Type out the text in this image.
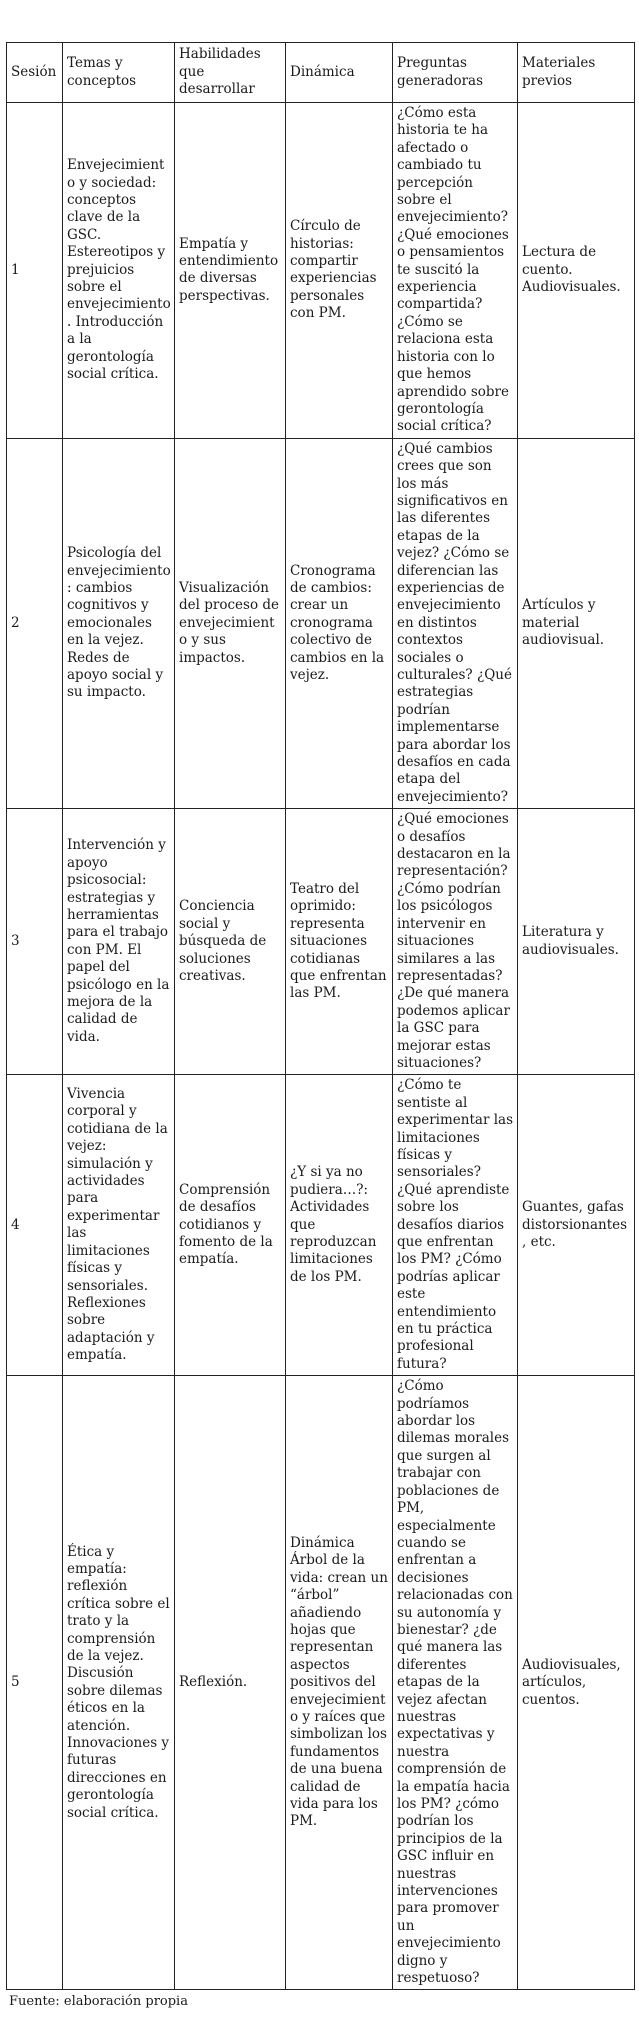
Sesión	Temas y conceptos	Habilidades que desarrollar	Dinámica	Preguntas generadoras	Materiales previos
1	Envejecimiento y sociedad: conceptos clave de la GSC. Estereotipos y prejuicios sobre el envejecimiento. Introducción a la gerontología social crítica.	Empatía y entendimiento de diversas perspectivas.	Círculo de historias: compartir experiencias personales con PM.	¿Cómo esta historia te ha afectado o cambiado tu percepción sobre el envejecimiento? ¿Qué emociones o pensamientos te suscitó la experiencia compartida? ¿Cómo se relaciona esta historia con lo que hemos aprendido sobre gerontología social crítica?	Lectura de cuento. Audiovisuales.
2	Psicología del envejecimiento: cambios cognitivos y emocionales en la vejez. Redes de apoyo social y su impacto.	Visualización del proceso de envejecimiento y sus impactos.	Cronograma de cambios: crear un cronograma colectivo de cambios en la vejez.	¿Qué cambios crees que son los más significativos en las diferentes etapas de la vejez? ¿Cómo se diferencian las experiencias de envejecimiento en distintos contextos sociales o culturales? ¿Qué estrategias podrían implementarse para abordar los desafíos en cada etapa del envejecimiento?	Artículos y material audiovisual.
3	Intervención y apoyo psicosocial: estrategias y herramientas para el trabajo con PM. El papel del psicólogo en la mejora de la calidad de vida.	Conciencia social y búsqueda de soluciones creativas.	Teatro del oprimido: representa situaciones cotidianas que enfrentan las PM.	¿Qué emociones o desafíos destacaron en la representación? ¿Cómo podrían los psicólogos intervenir en situaciones similares a las representadas? ¿De qué manera podemos aplicar la GSC para mejorar estas situaciones?	Literatura y audiovisuales.
4	Vivencia corporal y cotidiana de la vejez: simulación y actividades para experimentar las limitaciones físicas y sensoriales. Reflexiones sobre adaptación y empatía.	Comprensión de desafíos cotidianos y fomento de la empatía.	¿Y si ya no pudiera…?: Actividades que reproduzcan limitaciones de los PM.	¿Cómo te sentiste al experimentar las limitaciones físicas y sensoriales? ¿Qué aprendiste sobre los desafíos diarios que enfrentan los PM? ¿Cómo podrías aplicar este entendimiento en tu práctica profesional futura?	Guantes, gafas distorsionantes, etc.
5	Ética y empatía: reflexión crítica sobre el trato y la comprensión de la vejez. Discusión sobre dilemas éticos en la atención. Innovaciones y futuras direcciones en gerontología social crítica.	Reflexión.	Dinámica Árbol de la vida: crean un “árbol” añadiendo hojas que representan aspectos positivos del envejecimiento y raíces que simbolizan los fundamentos de una buena calidad de vida para los PM.	¿Cómo podríamos abordar los dilemas morales que surgen al trabajar con poblaciones de PM, especialmente cuando se enfrentan a decisiones relacionadas con su autonomía y bienestar? ¿de qué manera las diferentes etapas de la vejez afectan nuestras expectativas y nuestra comprensión de la empatía hacia los PM? ¿cómo podrían los principios de la GSC influir en nuestras intervenciones para promover un envejecimiento digno y respetuoso?	Audiovisuales, artículos, cuentos.
Fuente: elaboración propia
